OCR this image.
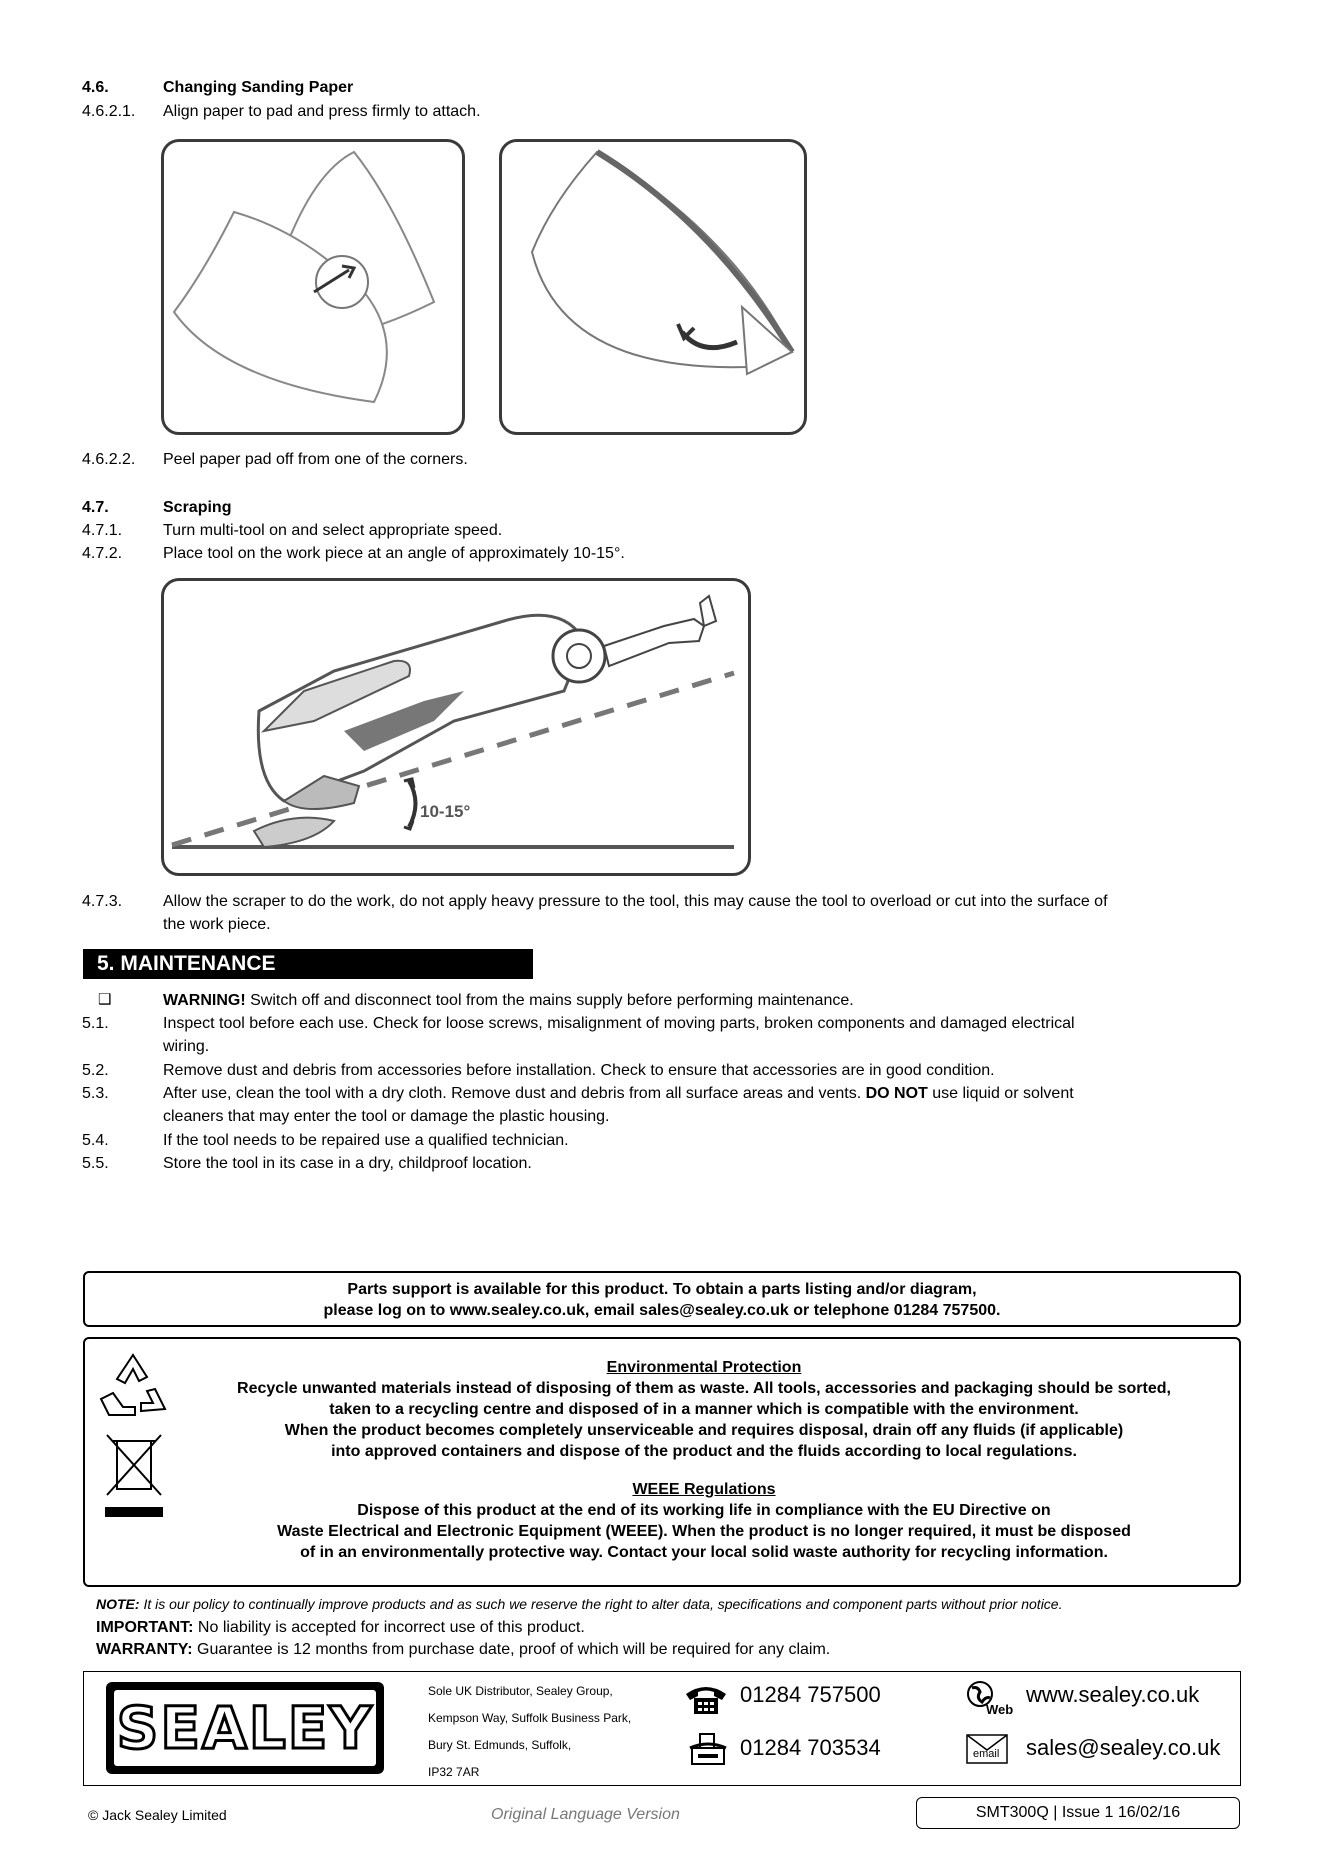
4.6.	Changing Sanding Paper
4.6.2.1. Align paper to pad and press firmly to attach.
4.6.2.2. Peel paper pad off from one of the corners.
4.7.	Scraping
4.7.1.	Turn multi-tool on and select appropriate speed.
4.7.2.	Place tool on the work piece at an angle of approximately 10-15°.
10-15°
4.7.3.	Allow the scraper to do the work, do not apply heavy pressure to the tool, this may cause the tool to overload or cut into the surface of
the work piece.
5. MAINTENANCE
❑	WARNING! Switch off and disconnect tool from the mains supply before performing maintenance.
5.1.	Inspect tool before each use. Check for loose screws, misalignment of moving parts, broken components and damaged electrical
wiring.
5.2.	Remove dust and debris from accessories before installation. Check to ensure that accessories are in good condition.
5.3.	After use, clean the tool with a dry cloth. Remove dust and debris from all surface areas and vents. DO NOT use liquid or solvent
cleaners that may enter the tool or damage the plastic housing.
5.4.	If the tool needs to be repaired use a qualified technician.
5.5.	Store the tool in its case in a dry, childproof location.
Parts support is available for this product. To obtain a parts listing and/or diagram,
please log on to www.sealey.co.uk, email sales@sealey.co.uk or telephone 01284 757500.
Environmental Protection
Recycle unwanted materials instead of disposing of them as waste. All tools, accessories and packaging should be sorted,
taken to a recycling centre and disposed of in a manner which is compatible with the environment.
When the product becomes completely unserviceable and requires disposal, drain off any fluids (if applicable)
into approved containers and dispose of the product and the fluids according to local regulations.
WEEE Regulations
Dispose of this product at the end of its working life in compliance with the EU Directive on
Waste Electrical and Electronic Equipment (WEEE). When the product is no longer required, it must be disposed
of in an environmentally protective way. Contact your local solid waste authority for recycling information.
NOTE: It is our policy to continually improve products and as such we reserve the right to alter data, specifications and component parts without prior notice.
IMPORTANT: No liability is accepted for incorrect use of this product.
WARRANTY: Guarantee is 12 months from purchase date, proof of which will be required for any claim.
SEALEY
Sole UK Distributor, Sealey Group,
Kempson Way, Suffolk Business Park,
Bury St. Edmunds, Suffolk,
IP32 7AR
01284 757500
01284 703534
Web
www.sealey.co.uk
email sales@sealey.co.uk
© Jack Sealey Limited	Original Language Version	SMT300Q | Issue 1 16/02/16
